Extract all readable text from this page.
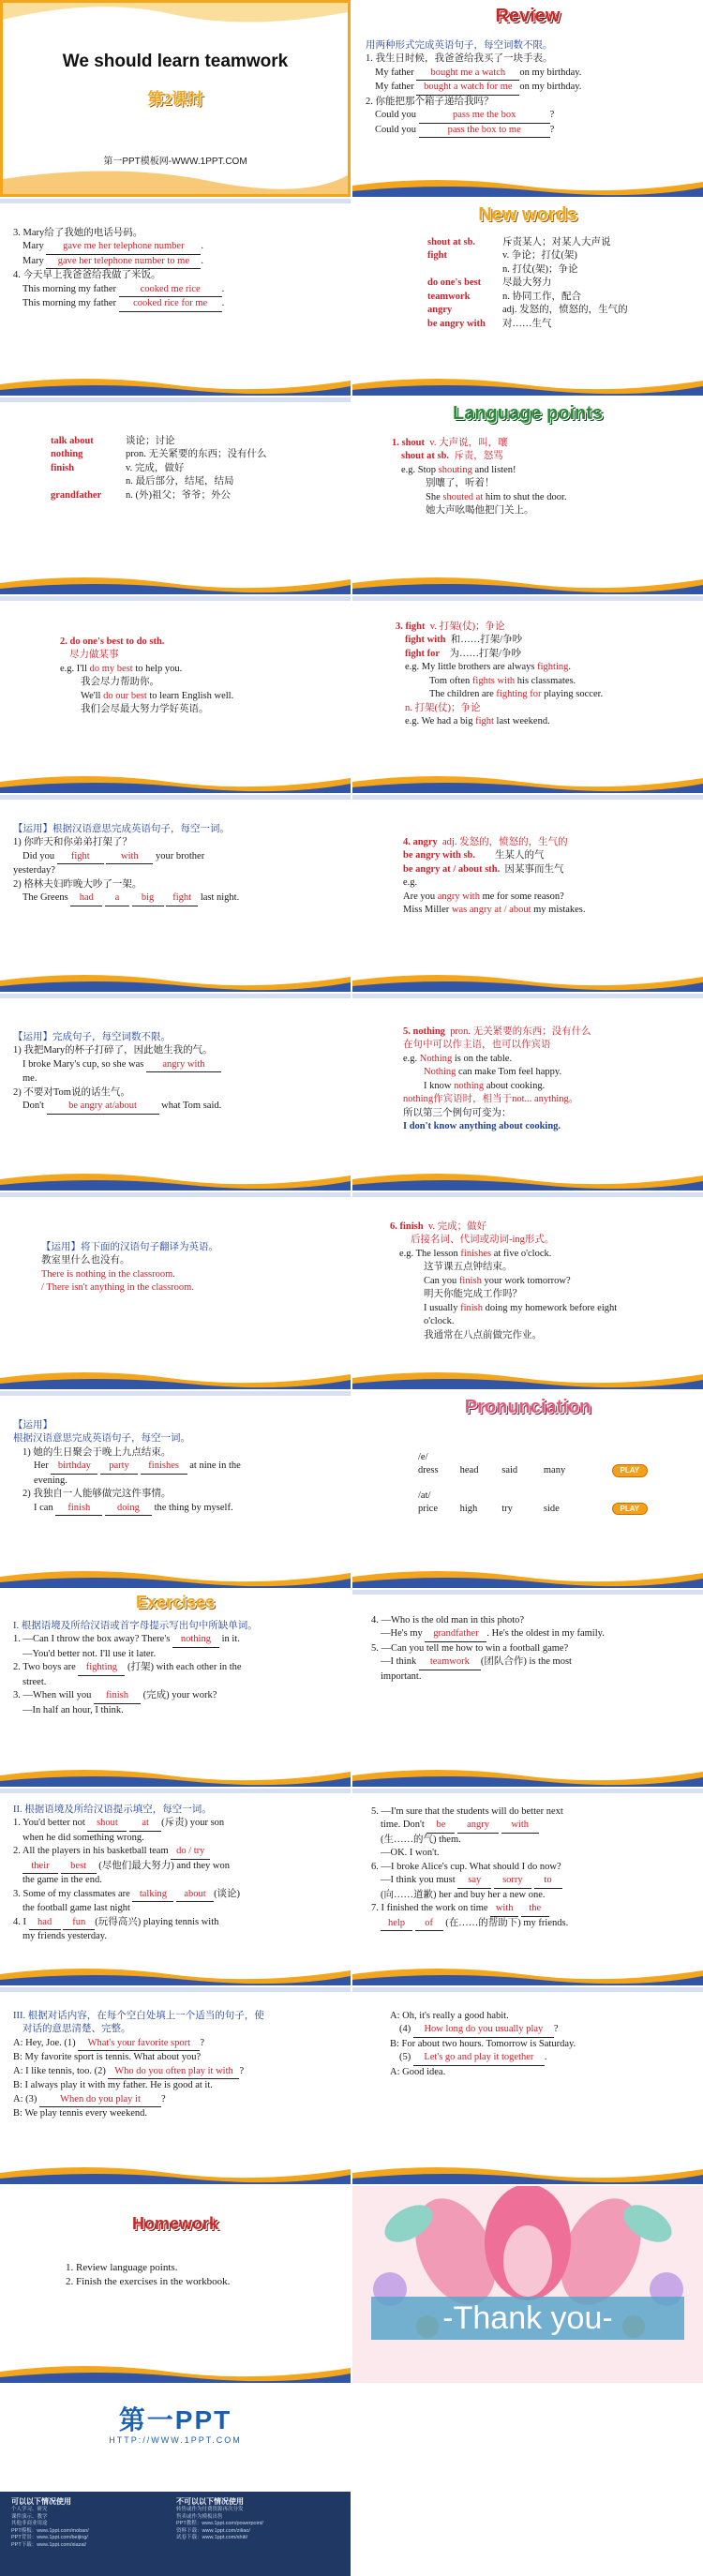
We should learn teamwork
第2课时
第一PPT模板网-WWW.1PPT.COM
Review
用两种形式完成英语句子，每空词数不限。
1. 我生日时候，我爸爸给我买了一块手表。
My father bought me a watch on my birthday.
My father bought a watch for me on my birthday.
2. 你能把那个箱子递给我吗？
Could you	pass me the box	?
Could you	pass the box to me	?
3. Mary给了我她的电话号码。
Mary gave me her telephone number .
Mary gave her telephone number to me .
4. 今天早上我爸爸给我做了米饭。
This morning my father cooked me rice .
This morning my father cooked rice for me .
New words
shout at sb.	斥责某人；对某人大声说
fight	v. 争论；打仗(架)
n. 打仗(架)；争论
do one's best	尽最大努力
teamwork	n. 协同工作，配合
angry	adj. 发怒的，愤怒的，生气的
be angry with	对……生气
talk about	谈论；讨论
nothing	pron. 无关紧要的东西；没有什么
finish	v. 完成，做好
n. 最后部分，结尾，结局
grandfather	n. (外)祖父；爷爷；外公
Language points
1. shout v. 大声说，叫，嚷
shout at sb. 斥责，怒骂
e.g. Stop shouting and listen!
别嚷了，听着！
She shouted at him to shut the door.
她大声吆喝他把门关上。
2. do one's best to do sth.
尽力做某事
e.g. I'll do my best to help you.
我会尽力帮助你。
We'll do our best to learn English well.
我们会尽最大努力学好英语。
3. fight v. 打架(仗)；争论
fight with 和……打架/争吵
fight for 为……打架/争吵
e.g. My little brothers are always fighting.
Tom often fights with his classmates.
The children are fighting for playing soccer.
n. 打架(仗)；争论
e.g. We had a big fight last weekend.
【运用】根据汉语意思完成英语句子，每空一词。
1) 你昨天和你弟弟打架了？
Did you fight	with your brother
yesterday?
2) 格林夫妇昨晚大吵了一架。
The Greens had a big fight last night.
4. angry adj. 发怒的，愤怒的，生气的
be angry with sb. 生某人的气
be angry at / about sth. 因某事而生气
e.g.
Are you angry with me for some reason?
Miss Miller was angry at / about my mistakes.
【运用】完成句子，每空词数不限。
1) 我把Mary的杯子打碎了，因此她生我的气。
I broke Mary's cup, so she was angry with
me.
2) 不要对Tom说的话生气。
Don't be angry at/about what Tom said.
5. nothing pron. 无关紧要的东西；没有什么
在句中可以作主语，也可以作宾语
e.g. Nothing is on the table.
Nothing can make Tom feel happy.
I know nothing about cooking.
nothing作宾语时，相当于not... anything。
所以第三个例句可变为：
I don't know anything about cooking.
【运用】将下面的汉语句子翻译为英语。
教室里什么也没有。
There is nothing in the classroom.
/ There isn't anything in the classroom.
6. finish v. 完成；做好
后接名词、代词或动词-ing形式。
e.g. The lesson finishes at five o'clock.
这节课五点钟结束。
Can you finish your work tomorrow?
明天你能完成工作吗？
I usually finish doing my homework before eight
o'clock.
我通常在八点前做完作业。
【运用】
根据汉语意思完成英语句子，每空一词。
1) 她的生日聚会于晚上九点结束。
Her birthday party finishes at nine in the
evening.
2) 我独自一人能够做完这件事情。
I can finish	doing the thing by myself.
Pronunciation
/e/
dress head said	many	PLAY
/at/
price high try	side	PLAY
Exercises
I. 根据语境及所给汉语或首字母提示写出句中所缺单词。
1. —Can I throw the box away? There's nothing in it.
—You'd better not. I'll use it later.
2. Two boys are fighting (打架) with each other in the
street.
3. —When will you finish (完成) your work?
—In half an hour, I think.
4. —Who is the old man in this photo?
—He's my grandfather . He's the oldest in my family.
5. —Can you tell me how to win a football game?
—I think teamwork (团队合作) is the most
important.
II. 根据语境及所给汉语提示填空，每空一词。
1. You'd better not shout at (斥责) your son
when he did something wrong.
2. All the players in his basketball team do / try
their best (尽他们最大努力) and they won
the game in the end.
3. Some of my classmates are talking about (谈论)
the football game last night
4. I had fun (玩得高兴) playing tennis with
my friends yesterday.
5. —I'm sure that the students will do better next
time. Don't be angry with
(生……的气) them.
—OK. I won't.
6. —I broke Alice's cup. What should I do now?
—I think you must say sorry to
(向……道歉) her and buy her a new one.
7. I finished the work on time with the
help of (在……的帮助下) my friends.
III. 根据对话内容，在每个空白处填上一个适当的句子，使
对话的意思清楚、完整。
A: Hey, Joe. (1) What's your favorite sport ?
B: My favorite sport is tennis. What about you?
A: I like tennis, too. (2) Who do you often play it with ?
B: I always play it with my father. He is good at it.
A: (3) When do you play it ?
B: We play tennis every weekend.
A: Oh, it's really a good habit.
(4) How long do you usually play ?
B: For about two hours. Tomorrow is Saturday.
(5) Let's go and play it together .
A: Good idea.
Homework
1. Review language points.
2. Finish the exercises in the workbook.
-Thank you-
第一PPT
HTTP://WWW.1PPT.COM
可以以下情况使用
个人学习、研究
课件演示、教学
其他非商业用途
PPT模板：www.1ppt.com/moban/
PPT背景：www.1ppt.com/beijing/
PPT下载：www.1ppt.com/xiazai/
不可以以下情况使用
转售或作为付费资源再次分发
售卖或作为模板出售
PPT教程：www.1ppt.com/powerpoint/
资料下载：www.1ppt.com/ziliao/
试卷下载：www.1ppt.com/shiti/
